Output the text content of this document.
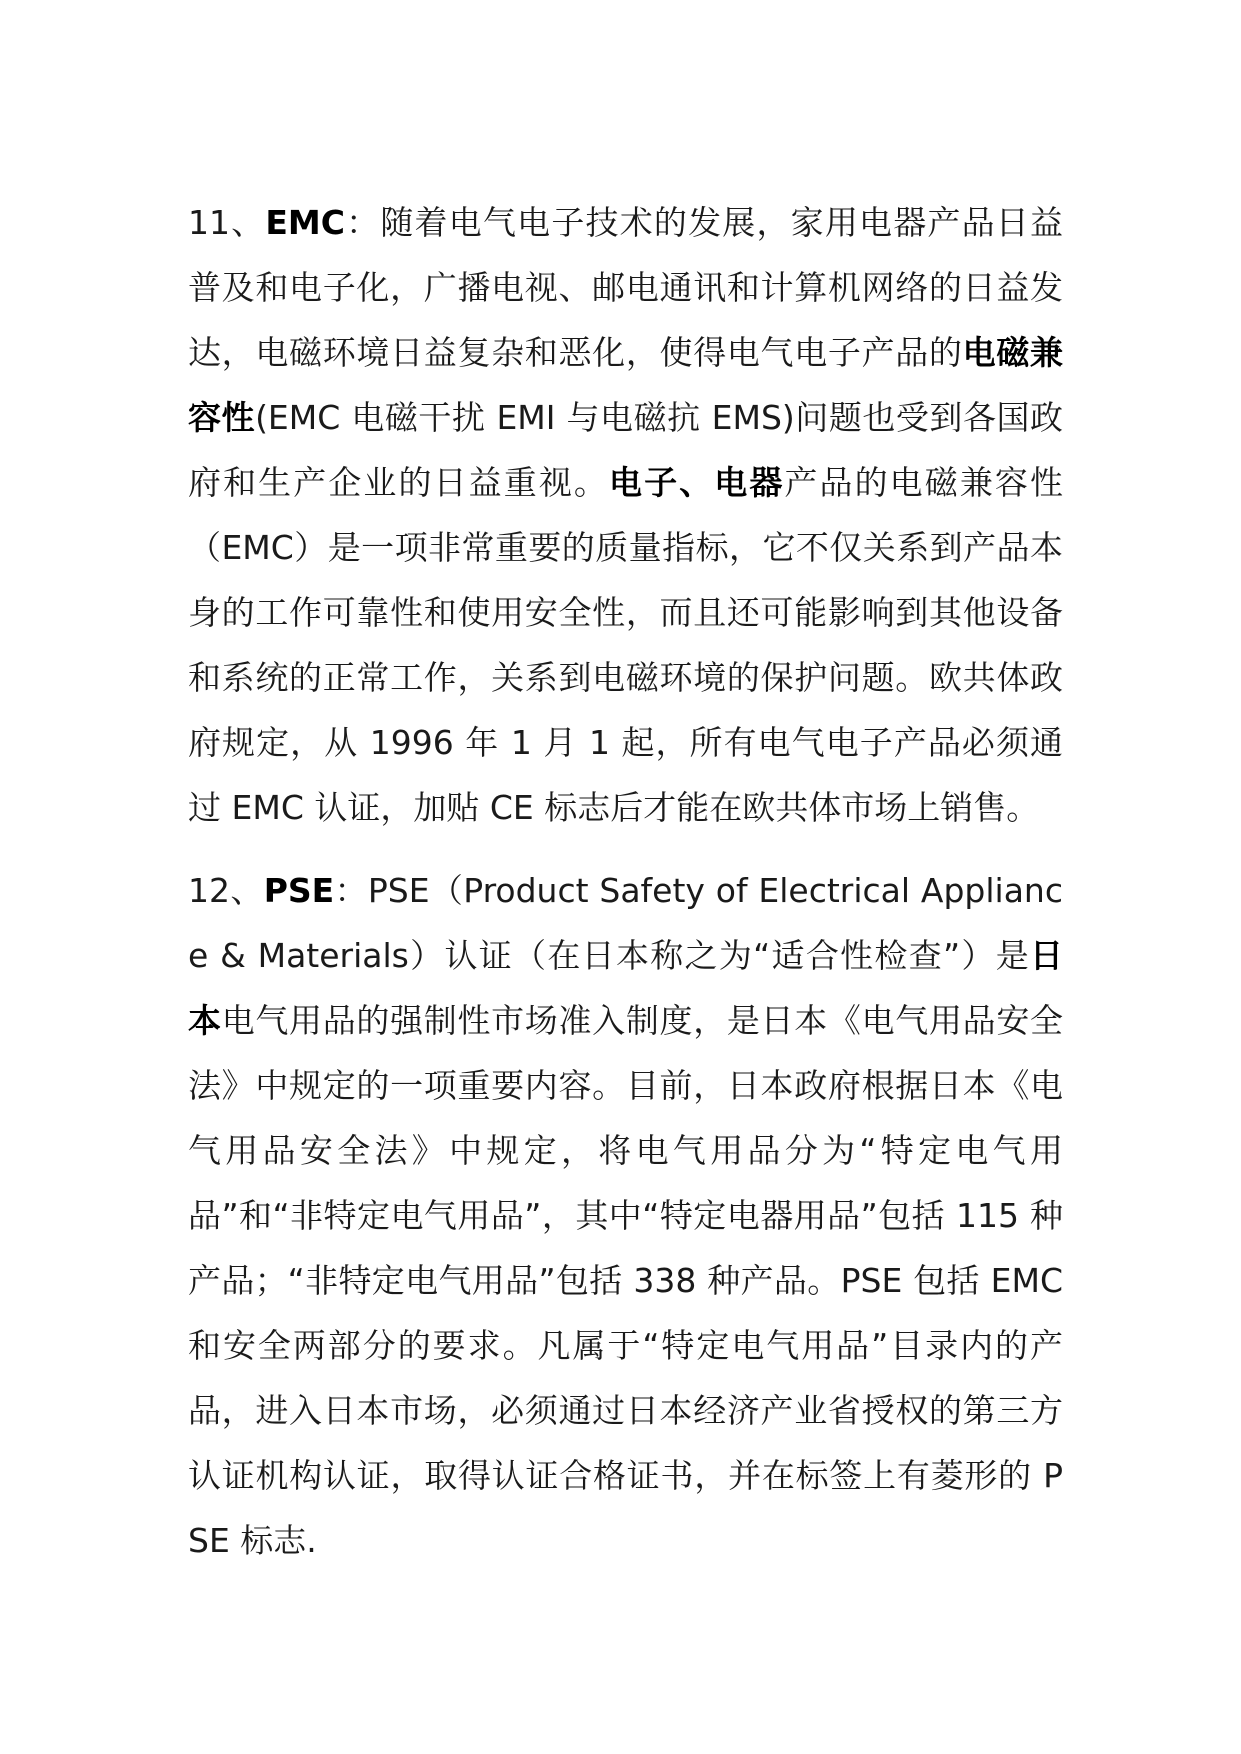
11、EMC：随着电气电子技术的发展，家用电器产品日益普及和电子化，广播电视、邮电通讯和计算机网络的日益发达，电磁环境日益复杂和恶化，使得电气电子产品的电磁兼容性(EMC 电磁干扰 EMI 与电磁抗 EMS)问题也受到各国政府和生产企业的日益重视。电子、电器产品的电磁兼容性（EMC）是一项非常重要的质量指标，它不仅关系到产品本身的工作可靠性和使用安全性，而且还可能影响到其他设备和系统的正常工作，关系到电磁环境的保护问题。欧共体政府规定，从 1996 年 1 月 1 起，所有电气电子产品必须通过 EMC 认证，加贴 CE 标志后才能在欧共体市场上销售。

12、PSE：PSE（Product Safety of Electrical Appliance & Materials）认证（在日本称之为“适合性检查”）是日本电气用品的强制性市场准入制度，是日本《电气用品安全法》中规定的一项重要内容。目前，日本政府根据日本《电气用品安全法》中规定，将电气用品分为“特定电气用品”和“非特定电气用品”，其中“特定电器用品”包括 115 种产品；“非特定电气用品”包括 338 种产品。PSE 包括 EMC 和安全两部分的要求。凡属于“特定电气用品”目录内的产品，进入日本市场，必须通过日本经济产业省授权的第三方认证机构认证，取得认证合格证书，并在标签上有菱形的 PSE 标志.
